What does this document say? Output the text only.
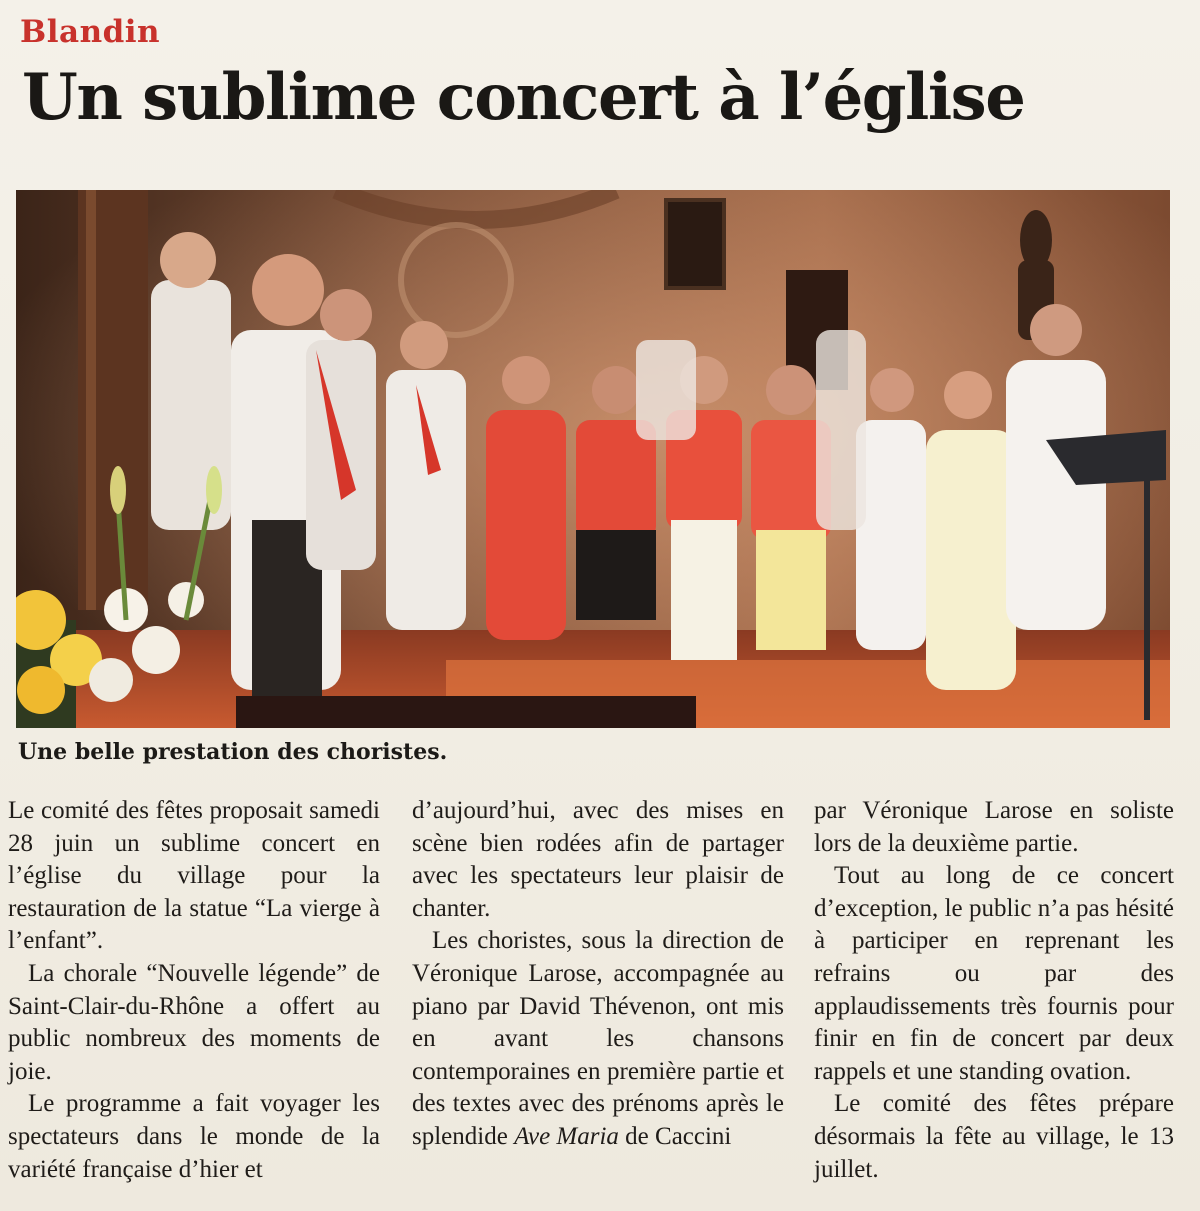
Blandin
Un sublime concert à l’église
Une belle prestation des choristes.

Le comité des fêtes proposait samedi 28 juin un sublime concert en l’église du village pour la restauration de la statue “La vierge à l’enfant”.

La chorale “Nouvelle légende” de Saint-Clair-du-Rhône a offert au public nombreux des moments de joie.

Le programme a fait voyager les spectateurs dans le monde de la variété française d’hier et

d’aujourd’hui, avec des mises en scène bien rodées afin de partager avec les spectateurs leur plaisir de chanter.

Les choristes, sous la direction de Véronique Larose, accompagnée au piano par David Thévenon, ont mis en avant les chansons contemporaines en première partie et des textes avec des prénoms après le splendide Ave Maria de Caccini

par Véronique Larose en soliste lors de la deuxième partie.

Tout au long de ce concert d’exception, le public n’a pas hésité à participer en reprenant les refrains ou par des applaudissements très fournis pour finir en fin de concert par deux rappels et une standing ovation.

Le comité des fêtes prépare désormais la fête au village, le 13 juillet.
